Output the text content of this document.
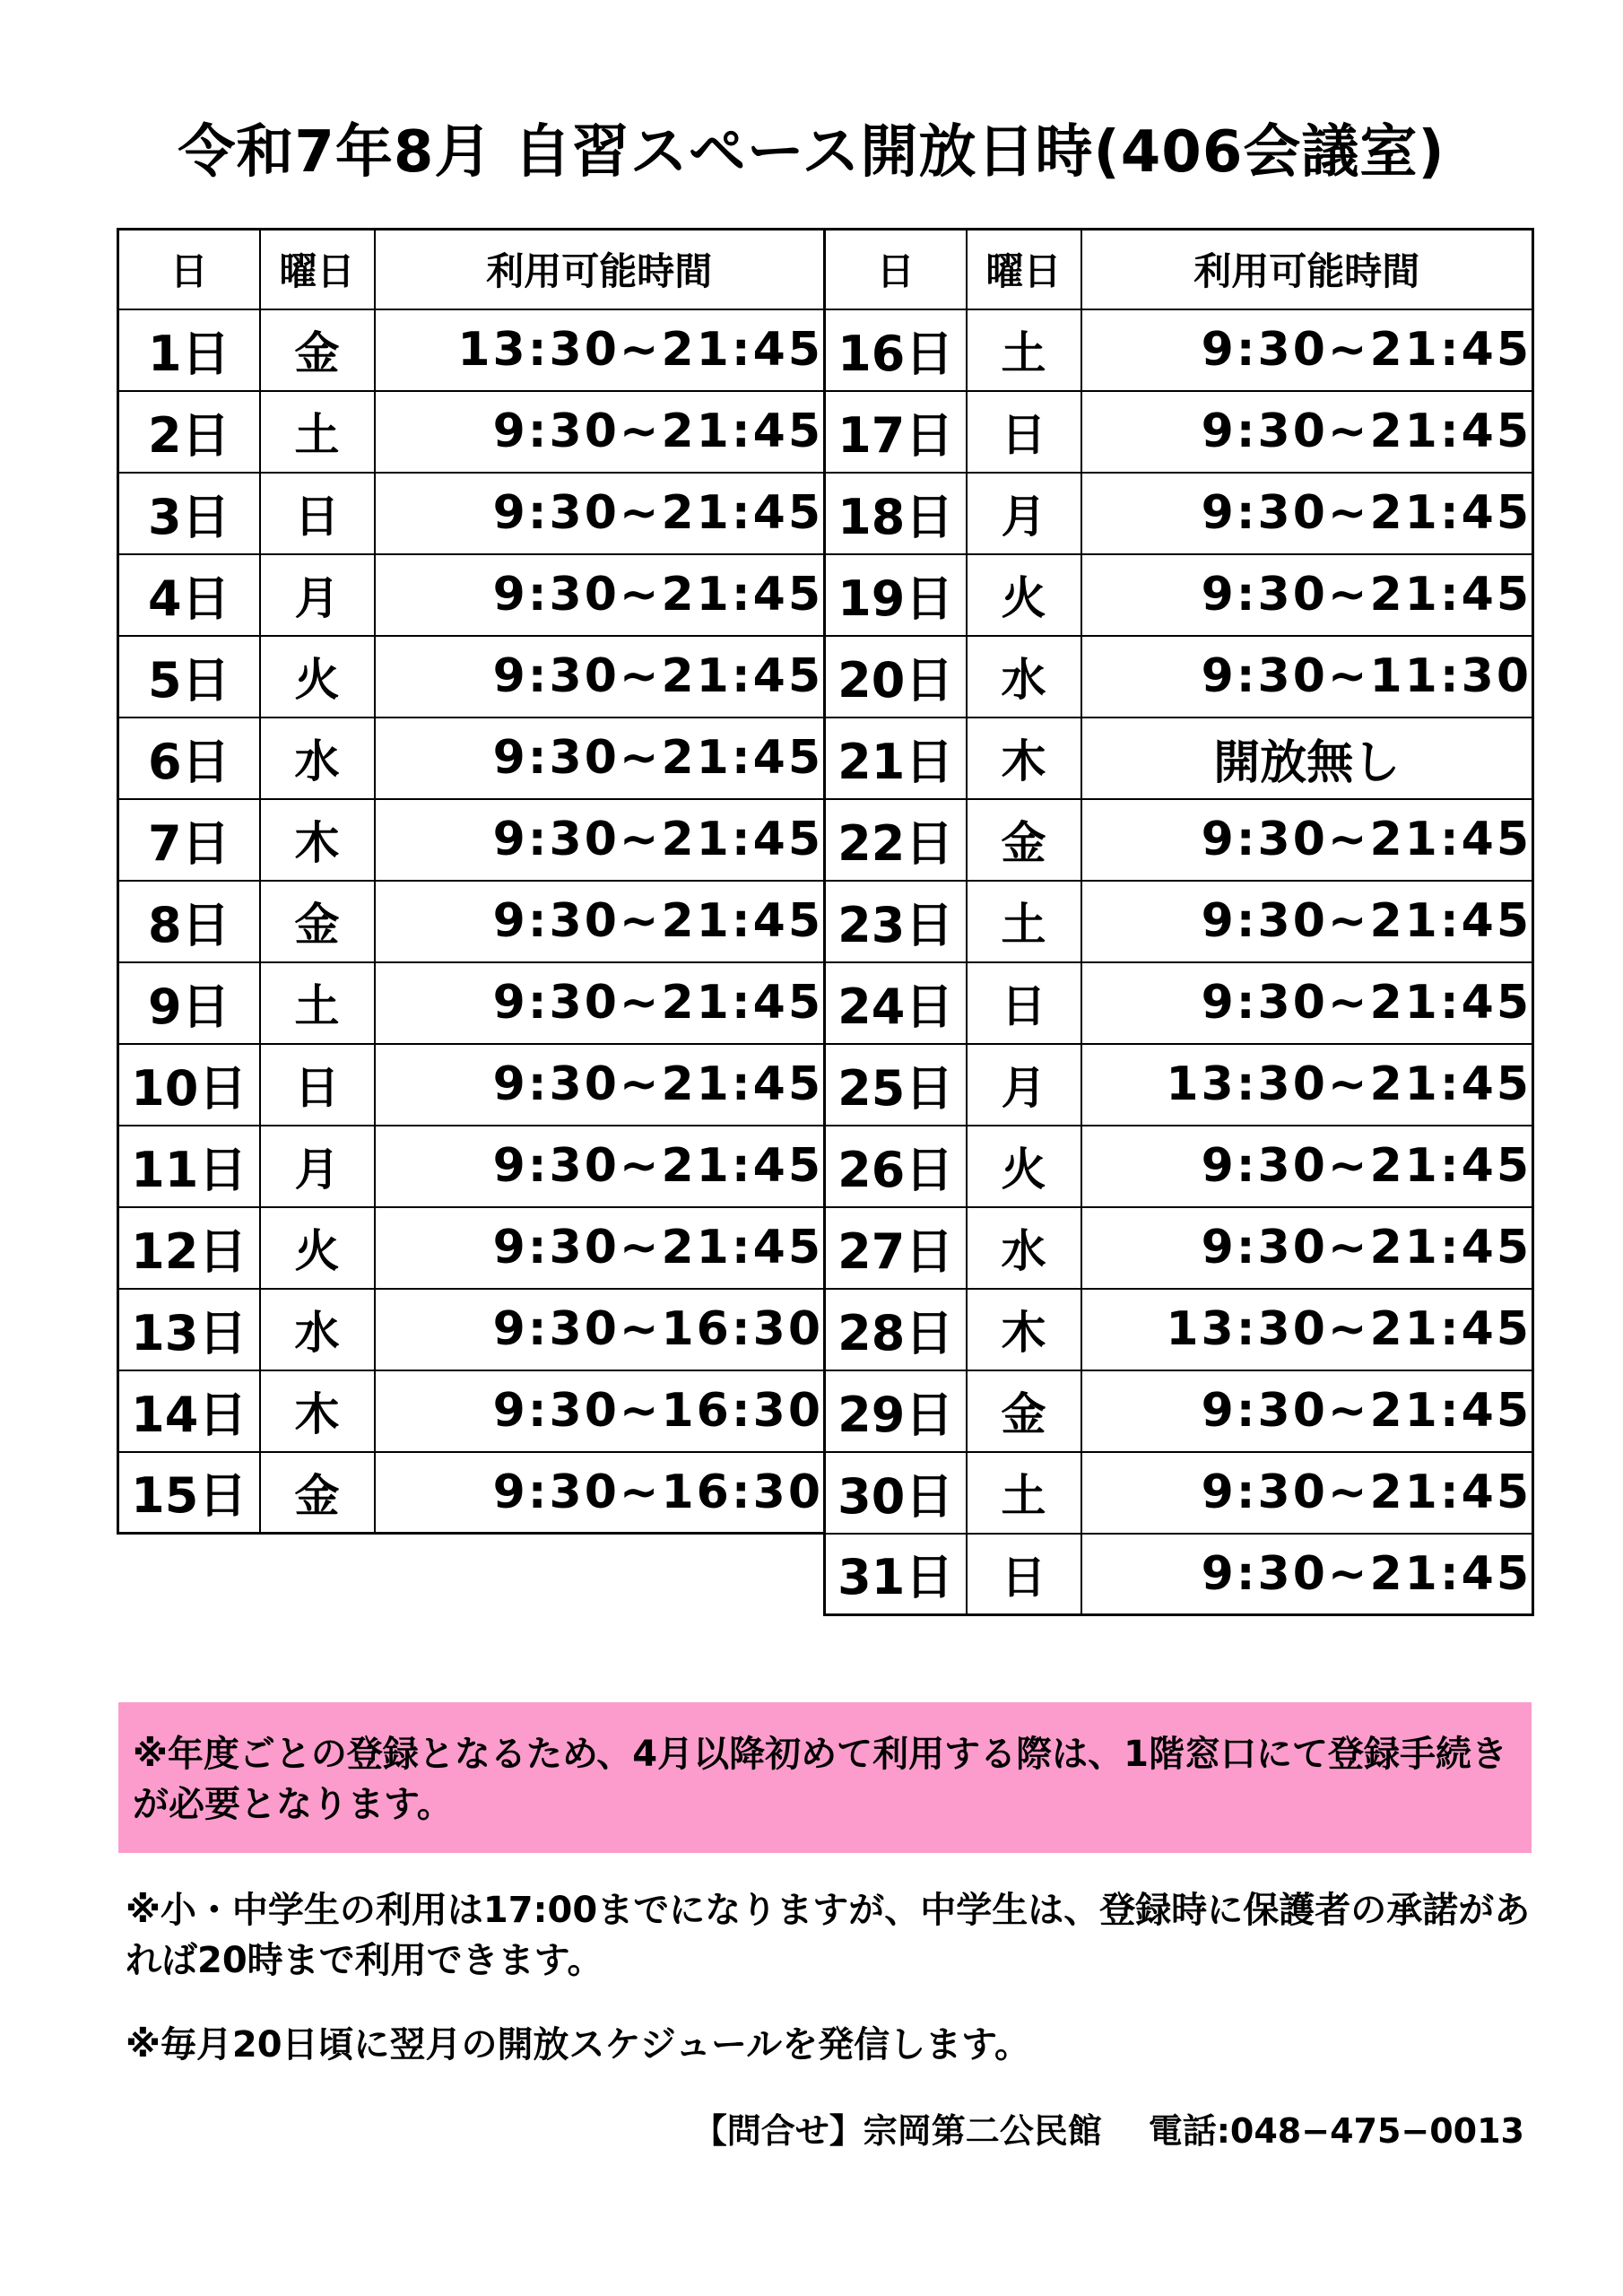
令和7年8月 自習スペース開放日時(406会議室)
日	曜日	利用可能時間
1日	金	13:30~21:45
2日	土	9:30~21:45
3日	日	9:30~21:45
4日	月	9:30~21:45
5日	火	9:30~21:45
6日	水	9:30~21:45
7日	木	9:30~21:45
8日	金	9:30~21:45
9日	土	9:30~21:45
10日	日	9:30~21:45
11日	月	9:30~21:45
12日	火	9:30~21:45
13日	水	9:30~16:30
14日	木	9:30~16:30
15日	金	9:30~16:30
日	曜日	利用可能時間
16日	土	9:30~21:45
17日	日	9:30~21:45
18日	月	9:30~21:45
19日	火	9:30~21:45
20日	水	9:30~11:30
21日	木	開放無し
22日	金	9:30~21:45
23日	土	9:30~21:45
24日	日	9:30~21:45
25日	月	13:30~21:45
26日	火	9:30~21:45
27日	水	9:30~21:45
28日	木	13:30~21:45
29日	金	9:30~21:45
30日	土	9:30~21:45
31日	日	9:30~21:45
※年度ごとの登録となるため、4月以降初めて利用する際は、1階窓口にて登録手続きが必要となります。
※小・中学生の利用は17:00までになりますが、中学生は、登録時に保護者の承諾があれば20時まで利用できます。
※毎月20日頃に翌月の開放スケジュールを発信します。
【問合せ】宗岡第二公民館 電話:048−475−0013
